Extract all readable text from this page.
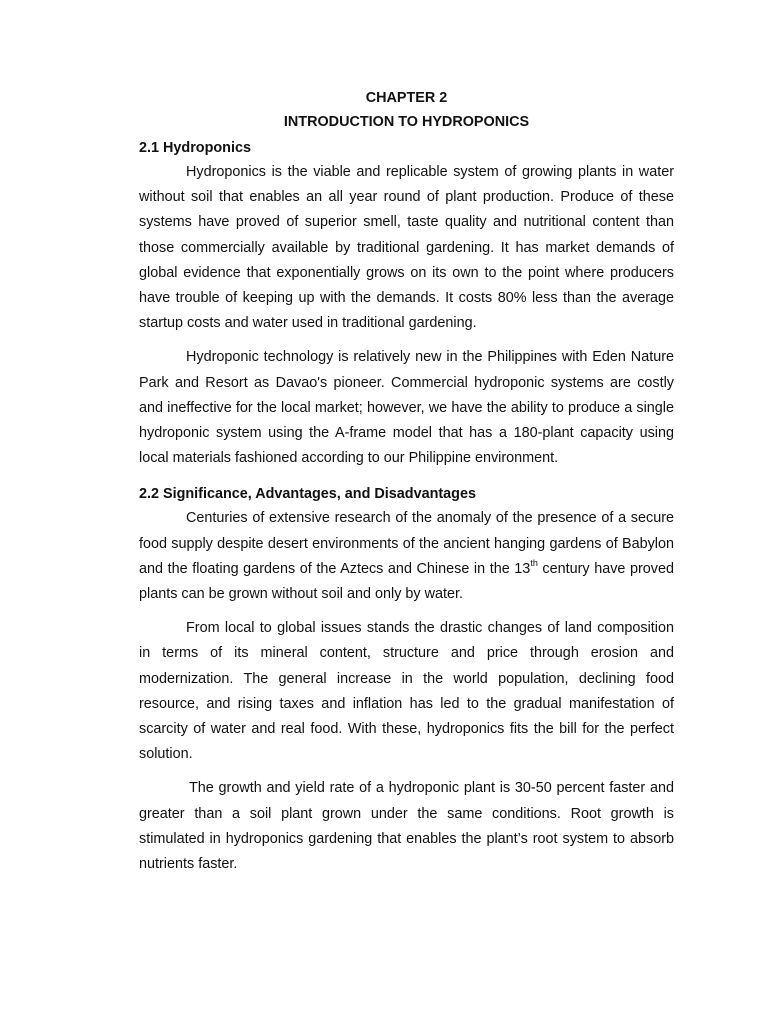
CHAPTER 2
INTRODUCTION TO HYDROPONICS
2.1 Hydroponics

Hydroponics is the viable and replicable system of growing plants in water without soil that enables an all year round of plant production. Produce of these systems have proved of superior smell, taste quality and nutritional content than those commercially available by traditional gardening. It has market demands of global evidence that exponentially grows on its own to the point where producers have trouble of keeping up with the demands. It costs 80% less than the average startup costs and water used in traditional gardening.

Hydroponic technology is relatively new in the Philippines with Eden Nature Park and Resort as Davao's pioneer. Commercial hydroponic systems are costly and ineffective for the local market; however, we have the ability to produce a single hydroponic system using the A-frame model that has a 180-plant capacity using local materials fashioned according to our Philippine environment.

2.2 Significance, Advantages, and Disadvantages

Centuries of extensive research of the anomaly of the presence of a secure food supply despite desert environments of the ancient hanging gardens of Babylon and the floating gardens of the Aztecs and Chinese in the 13th century have proved plants can be grown without soil and only by water.

From local to global issues stands the drastic changes of land composition in terms of its mineral content, structure and price through erosion and modernization. The general increase in the world population, declining food resource, and rising taxes and inflation has led to the gradual manifestation of scarcity of water and real food. With these, hydroponics fits the bill for the perfect solution.

The growth and yield rate of a hydroponic plant is 30-50 percent faster and greater than a soil plant grown under the same conditions. Root growth is stimulated in hydroponics gardening that enables the plant’s root system to absorb nutrients faster.
